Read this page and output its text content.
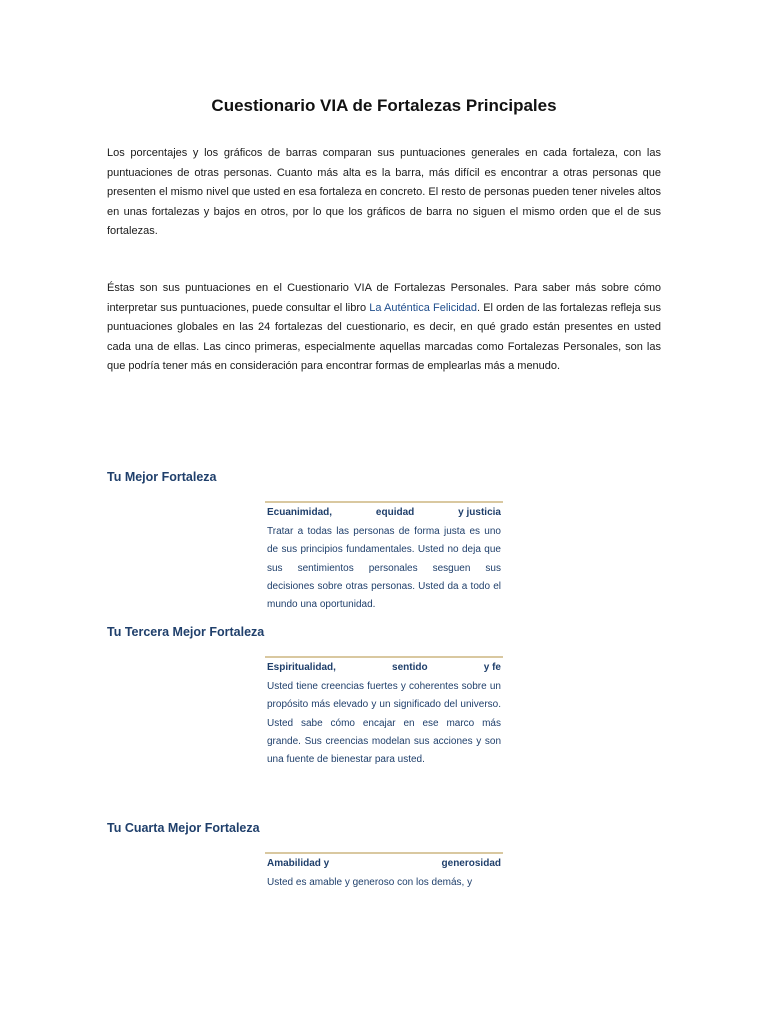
Cuestionario VIA de Fortalezas Principales

Los porcentajes y los gráficos de barras comparan sus puntuaciones generales en cada fortaleza, con las puntuaciones de otras personas. Cuanto más alta es la barra, más difícil es encontrar a otras personas que presenten el mismo nivel que usted en esa fortaleza en concreto. El resto de personas pueden tener niveles altos en unas fortalezas y bajos en otros, por lo que los gráficos de barra no siguen el mismo orden que el de sus fortalezas.

Éstas son sus puntuaciones en el Cuestionario VIA de Fortalezas Personales. Para saber más sobre cómo interpretar sus puntuaciones, puede consultar el libro La Auténtica Felicidad. El orden de las fortalezas refleja sus puntuaciones globales en las 24 fortalezas del cuestionario, es decir, en qué grado están presentes en usted cada una de ellas. Las cinco primeras, especialmente aquellas marcadas como Fortalezas Personales, son las que podría tener más en consideración para encontrar formas de emplearlas más a menudo.

Tu Mejor Fortaleza
Ecuanimidad,	equidad	y justicia

Tratar a todas las personas de forma justa es uno de sus principios fundamentales. Usted no deja que sus sentimientos personales sesguen sus decisiones sobre otras personas. Usted da a todo el mundo una oportunidad.

Tu Tercera Mejor Fortaleza
Espiritualidad,	sentido	y fe

Usted tiene creencias fuertes y coherentes sobre un propósito más elevado y un significado del universo. Usted sabe cómo encajar en ese marco más grande. Sus creencias modelan sus acciones y son una fuente de bienestar para usted.

Tu Cuarta Mejor Fortaleza
Amabilidad y	generosidad

Usted es amable y generoso con los demás, y
